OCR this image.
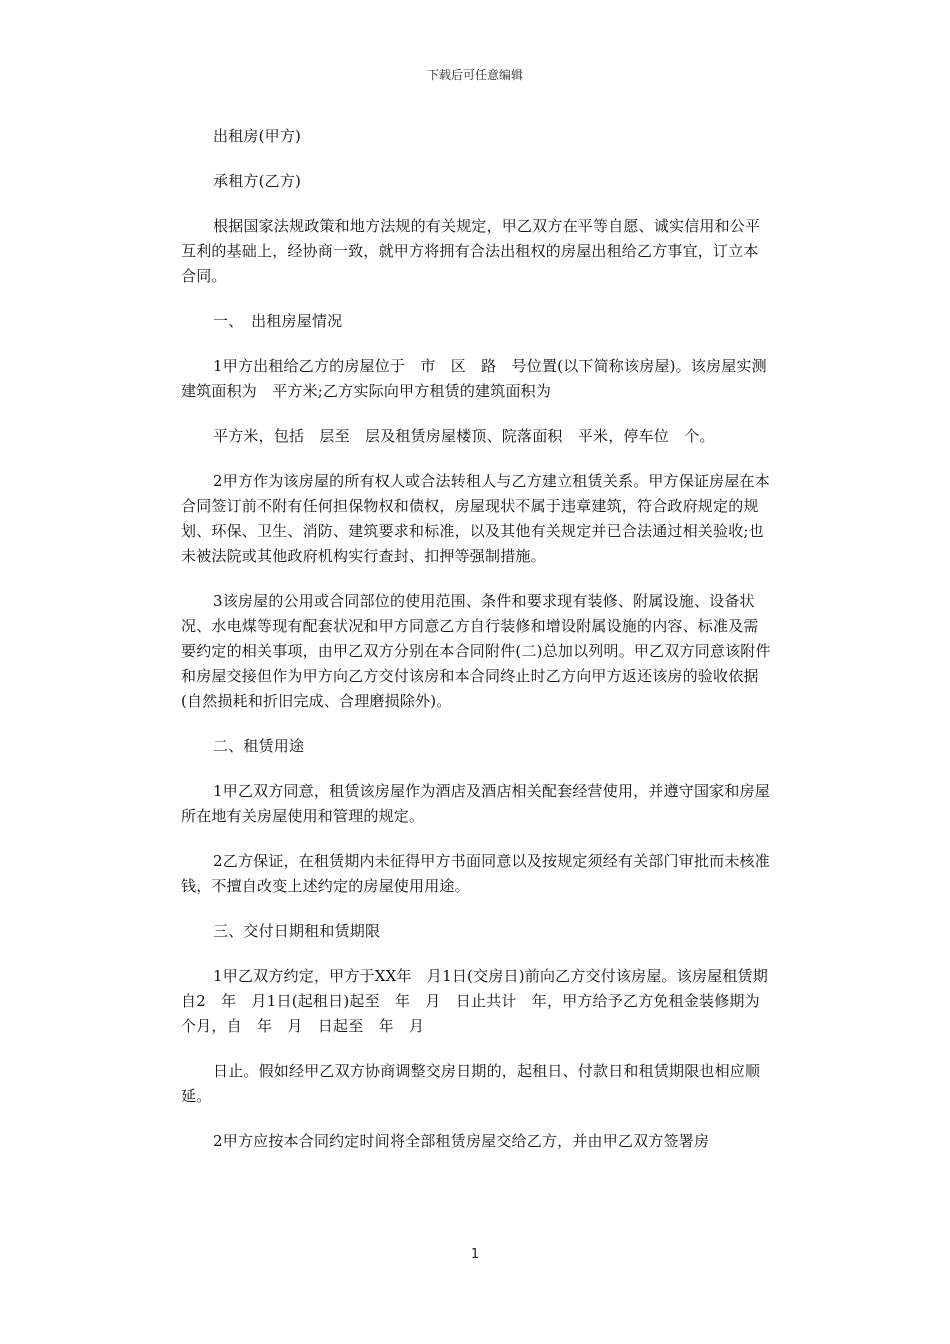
下载后可任意编辑

出租房(甲方)

承租方(乙方)

根据国家法规政策和地方法规的有关规定，甲乙双方在平等自愿、诚实信用和公平互利的基础上，经协商一致，就甲方将拥有合法出租权的房屋出租给乙方事宜，订立本合同。

一、　出租房屋情况

1甲方出租给乙方的房屋位于　市　区　路　号位置(以下简称该房屋)。该房屋实测建筑面积为　平方米;乙方实际向甲方租赁的建筑面积为

平方米，包括　层至　层及租赁房屋楼顶、院落面积　平米，停车位　个。

2甲方作为该房屋的所有权人或合法转租人与乙方建立租赁关系。甲方保证房屋在本合同签订前不附有任何担保物权和债权，房屋现状不属于违章建筑，符合政府规定的规划、环保、卫生、消防、建筑要求和标准，以及其他有关规定并已合法通过相关验收;也未被法院或其他政府机构实行查封、扣押等强制措施。

3该房屋的公用或合同部位的使用范围、条件和要求现有装修、附属设施、设备状况、水电煤等现有配套状况和甲方同意乙方自行装修和增设附属设施的内容、标准及需要约定的相关事项，由甲乙双方分别在本合同附件(二)总加以列明。甲乙双方同意该附件和房屋交接但作为甲方向乙方交付该房和本合同终止时乙方向甲方返还该房的验收依据(自然损耗和折旧完成、合理磨损除外)。

二、租赁用途

1甲乙双方同意，租赁该房屋作为酒店及酒店相关配套经营使用，并遵守国家和房屋所在地有关房屋使用和管理的规定。

2乙方保证，在租赁期内未征得甲方书面同意以及按规定须经有关部门审批而未核准钱，不擅自改变上述约定的房屋使用用途。

三、交付日期租和赁期限

1甲乙双方约定，甲方于XX年　月1日(交房日)前向乙方交付该房屋。该房屋租赁期自2　年　月1日(起租日)起至　年　月　日止共计　年，甲方给予乙方免租金装修期为　个月，自　年　月　日起至　年　月

日止。假如经甲乙双方协商调整交房日期的，起租日、付款日和租赁期限也相应顺延。

2甲方应按本合同约定时间将全部租赁房屋交给乙方，并由甲乙双方签署房

1
